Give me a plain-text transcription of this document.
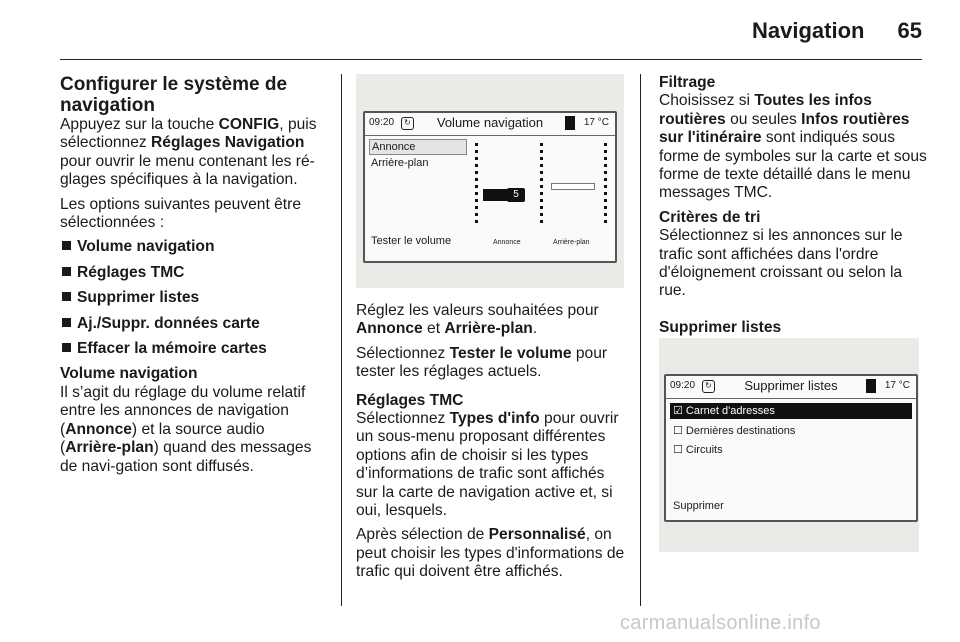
Navigation	65
Configurer le système de navigation

Appuyez sur la touche CONFIG, puis sélectionnez Réglages Navigation pour ouvrir le menu contenant les ré-glages spécifiques à la navigation.

Les options suivantes peuvent être sélectionnées :

Volume navigation
Réglages TMC
Supprimer listes
Aj./Suppr. données carte
Effacer la mémoire cartes
Volume navigation

Il s’agit du réglage du volume relatif entre les annonces de navigation (Annonce) et la source audio (Arrière-plan) quand des messages de navi-gation sont diffusés.

09:20	↻	Volume navigation	17 °C
Annonce
Arrière-plan
Tester le volume
5
Annonce	Arrière-plan

Réglez les valeurs souhaitées pour Annonce et Arrière-plan.

Sélectionnez Tester le volume pour tester les réglages actuels.

Réglages TMC

Sélectionnez Types d'info pour ouvrir un sous-menu proposant différentes options afin de choisir si les types d’informations de trafic sont affichés sur la carte de navigation active et, si oui, lesquels.

Après sélection de Personnalisé, on peut choisir les types d'informations de trafic qui doivent être affichés.

Filtrage

Choisissez si Toutes les infos routières ou seules Infos routières sur l'itinéraire sont indiqués sous forme de symboles sur la carte et sous forme de texte détaillé dans le menu messages TMC.

Critères de tri

Sélectionnez si les annonces sur le trafic sont affichées dans l'ordre d'éloignement croissant ou selon la rue.

Supprimer listes
09:20	↻	Supprimer listes	17 °C
☑ Carnet d'adresses
☐ Dernières destinations
☐ Circuits
Supprimer
carmanualsonline.info
